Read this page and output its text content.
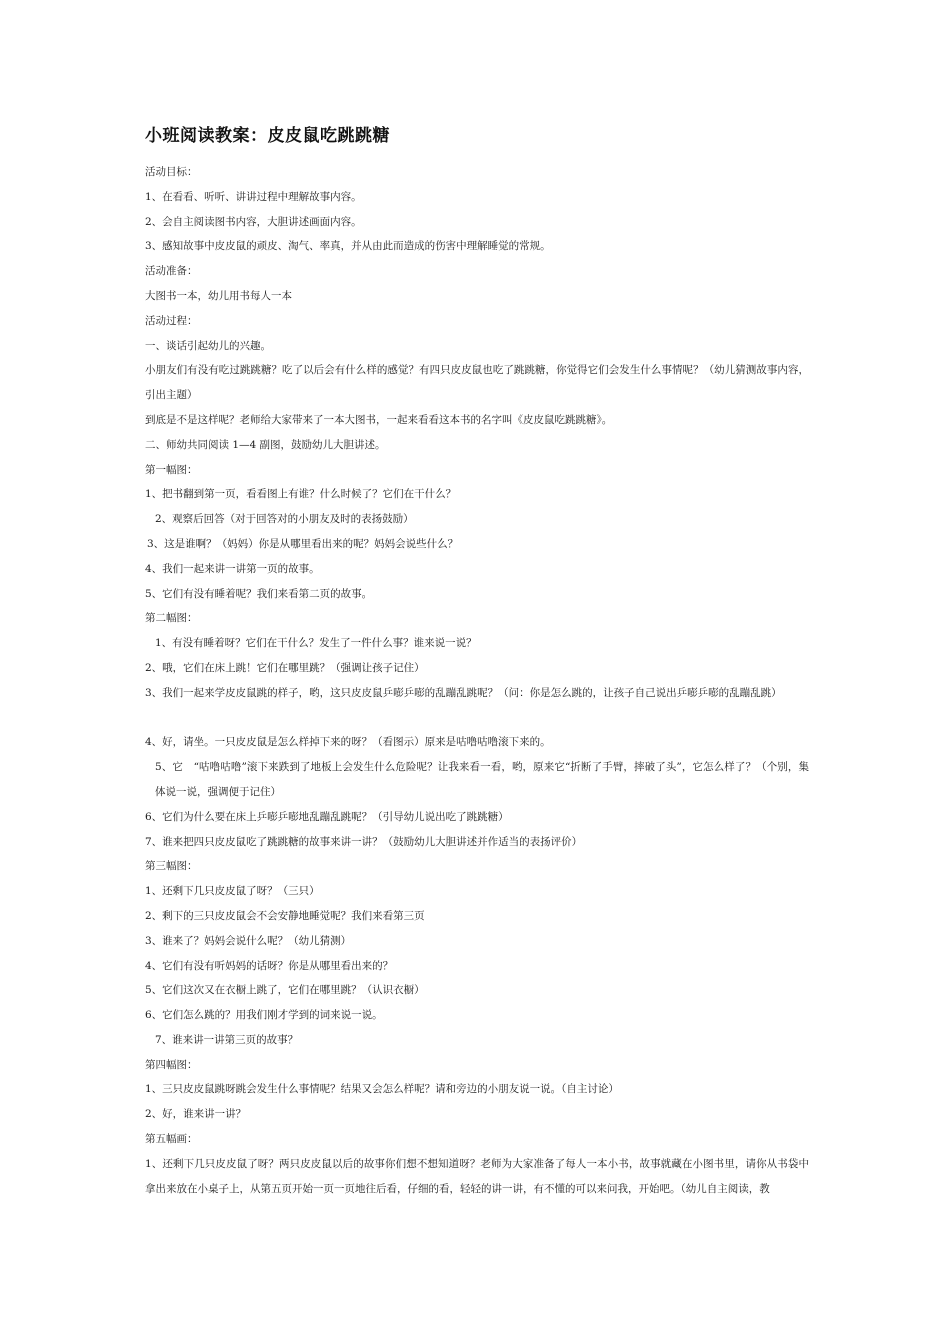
小班阅读教案：皮皮鼠吃跳跳糖

活动目标：

1、在看看、听听、讲讲过程中理解故事内容。

2、会自主阅读图书内容，大胆讲述画面内容。

3、感知故事中皮皮鼠的顽皮、淘气、率真，并从由此而造成的伤害中理解睡觉的常规。

活动准备：

大图书一本，幼儿用书每人一本

活动过程：

一、谈话引起幼儿的兴趣。

小朋友们有没有吃过跳跳糖？吃了以后会有什么样的感觉？有四只皮皮鼠也吃了跳跳糖，你觉得它们会发生什么事情呢？（幼儿猜测故事内容，引出主题）

到底是不是这样呢？老师给大家带来了一本大图书，一起来看看这本书的名字叫《皮皮鼠吃跳跳糖》。

二、师幼共同阅读 1—4 副图，鼓励幼儿大胆讲述。

第一幅图：

1、把书翻到第一页，看看图上有谁？什么时候了？它们在干什么？

2、观察后回答（对于回答对的小朋友及时的表扬鼓励）

3、这是谁啊？（妈妈）你是从哪里看出来的呢？妈妈会说些什么？

4、我们一起来讲一讲第一页的故事。

5、它们有没有睡着呢？我们来看第二页的故事。

第二幅图：

1、有没有睡着呀？它们在干什么？发生了一件什么事？谁来说一说？

2、哦，它们在床上跳！它们在哪里跳？（强调让孩子记住）

3、我们一起来学皮皮鼠跳的样子，哟，这只皮皮鼠乒嘭乒嘭的乱蹦乱跳呢？（问：你是怎么跳的，让孩子自己说出乒嘭乒嘭的乱蹦乱跳）

4、好，请坐。一只皮皮鼠是怎么样掉下来的呀？（看图示）原来是咕噜咕噜滚下来的。

5、它　“咕噜咕噜”滚下来跌到了地板上会发生什么危险呢？让我来看一看，哟，原来它“折断了手臂，摔破了头”，它怎么样了？（个别，集体说一说，强调便于记住）

6、它们为什么要在床上乒嘭乒嘭地乱蹦乱跳呢？（引导幼儿说出吃了跳跳糖）

7、谁来把四只皮皮鼠吃了跳跳糖的故事来讲一讲？（鼓励幼儿大胆讲述并作适当的表扬评价）

第三幅图：

1、还剩下几只皮皮鼠了呀？（三只）

2、剩下的三只皮皮鼠会不会安静地睡觉呢？我们来看第三页

3、谁来了？妈妈会说什么呢？（幼儿猜测）

4、它们有没有听妈妈的话呀？你是从哪里看出来的？

5、它们这次又在衣橱上跳了，它们在哪里跳？（认识衣橱）

6、它们怎么跳的？用我们刚才学到的词来说一说。

7、谁来讲一讲第三页的故事？

第四幅图：

1、三只皮皮鼠跳呀跳会发生什么事情呢？结果又会怎么样呢？请和旁边的小朋友说一说。（自主讨论）

2、好，谁来讲一讲？

第五幅画：

1、还剩下几只皮皮鼠了呀？两只皮皮鼠以后的故事你们想不想知道呀？老师为大家准备了每人一本小书，故事就藏在小图书里，请你从书袋中拿出来放在小桌子上，从第五页开始一页一页地往后看，仔细的看，轻轻的讲一讲，有不懂的可以来问我，开始吧。（幼儿自主阅读，教
